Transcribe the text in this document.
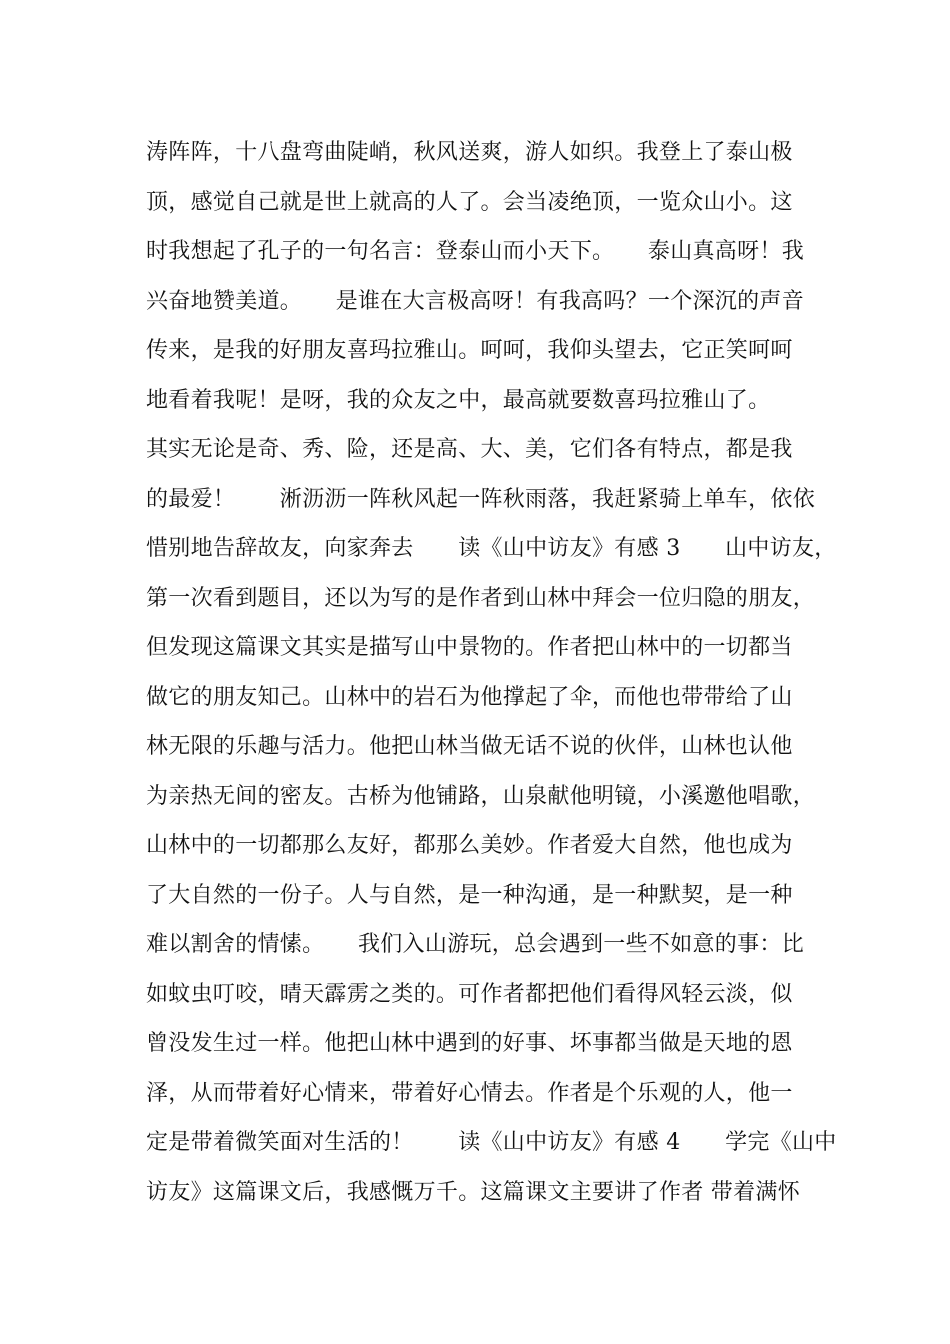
涛阵阵，十八盘弯曲陡峭，秋风送爽，游人如织。我登上了泰山极
顶，感觉自己就是世上就高的人了。会当凌绝顶，一览众山小。这
时我想起了孔子的一句名言：登泰山而小天下。　　泰山真高呀！我
兴奋地赞美道。　　是谁在大言极高呀！有我高吗？一个深沉的声音
传来，是我的好朋友喜玛拉雅山。呵呵，我仰头望去，它正笑呵呵
地看着我呢！是呀，我的众友之中，最高就要数喜玛拉雅山了。
其实无论是奇、秀、险，还是高、大、美，它们各有特点，都是我
的最爱！　　淅沥沥一阵秋风起一阵秋雨落，我赶紧骑上单车，依依
惜别地告辞故友，向家奔去　　读《山中访友》有感 3　　山中访友，
第一次看到题目，还以为写的是作者到山林中拜会一位归隐的朋友，
但发现这篇课文其实是描写山中景物的。作者把山林中的一切都当
做它的朋友知己。山林中的岩石为他撑起了伞，而他也带带给了山
林无限的乐趣与活力。他把山林当做无话不说的伙伴，山林也认他
为亲热无间的密友。古桥为他铺路，山泉献他明镜，小溪邀他唱歌，
山林中的一切都那么友好，都那么美妙。作者爱大自然，他也成为
了大自然的一份子。人与自然，是一种沟通，是一种默契，是一种
难以割舍的情愫。　　我们入山游玩，总会遇到一些不如意的事：比
如蚊虫叮咬，晴天霹雳之类的。可作者都把他们看得风轻云淡，似
曾没发生过一样。他把山林中遇到的好事、坏事都当做是天地的恩
泽，从而带着好心情来，带着好心情去。作者是个乐观的人，他一
定是带着微笑面对生活的！　　读《山中访友》有感 4　　学完《山中
访友》这篇课文后，我感慨万千。这篇课文主要讲了作者 带着满怀
